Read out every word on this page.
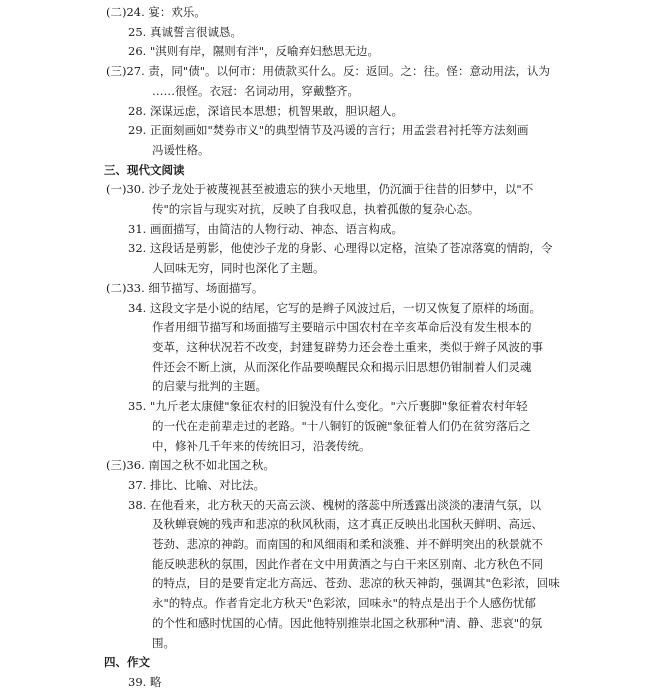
(二)24. 宴：欢乐。
25. 真诚誓言很诚恳。
26. "淇则有岸，隰则有泮"，反喻弃妇愁思无边。
(三)27. 责，同"债"。以何市：用债款买什么。反：返回。之：往。怪：意动用法，认为
……很怪。衣冠：名词动用，穿戴整齐。
28. 深谋远虑，深谙民本思想；机智果敢，胆识超人。
29. 正面刻画如"焚券市义"的典型情节及冯谖的言行；用孟尝君衬托等方法刻画
冯谖性格。
三、现代文阅读
(一)30. 沙子龙处于被蔑视甚至被遗忘的狭小天地里，仍沉湎于往昔的旧梦中，以"不
传"的宗旨与现实对抗，反映了自我叹息，执着孤傲的复杂心态。
31. 画面描写，由简洁的人物行动、神态、语言构成。
32. 这段话是剪影，他使沙子龙的身影、心理得以定格，渲染了苍凉落寞的情韵，令
人回味无穷，同时也深化了主题。
(二)33. 细节描写、场面描写。
34. 这段文字是小说的结尾，它写的是辫子风波过后，一切又恢复了原样的场面。
作者用细节描写和场面描写主要暗示中国农村在辛亥革命后没有发生根本的
变革，这种状况若不改变，封建复辟势力还会卷土重来，类似于辫子风波的事
件还会不断上演，从而深化作品要唤醒民众和揭示旧思想仍钳制着人们灵魂
的启蒙与批判的主题。
35. "九斤老太康健"象征农村的旧貌没有什么变化。"六斤裹脚"象征着农村年轻
的一代在走前辈走过的老路。"十八铜钉的饭碗"象征着人们仍在贫穷落后之
中，修补几千年来的传统旧习，沿袭传统。
(三)36. 南国之秋不如北国之秋。
37. 排比、比喻、对比法。
38. 在他看来，北方秋天的天高云淡、槐树的落蕊中所透露出淡淡的凄清气氛，以
及秋蝉衰婉的残声和悲凉的秋风秋雨，这才真正反映出北国秋天鲜明、高远、
苍劲、悲凉的神韵。而南国的和风细雨和柔和淡雅、并不鲜明突出的秋景就不
能反映悲秋的氛围，因此作者在文中用黄酒之与白干来区别南、北方秋色不同
的特点，目的是要肯定北方高远、苍劲、悲凉的秋天神韵，强调其"色彩浓，回味
永"的特点。作者肯定北方秋天"色彩浓，回味永"的特点是出于个人感伤忧郁
的个性和感时忧国的心情。因此他特别推崇北国之秋那种"清、静、悲哀"的氛
围。
四、作文
39. 略
